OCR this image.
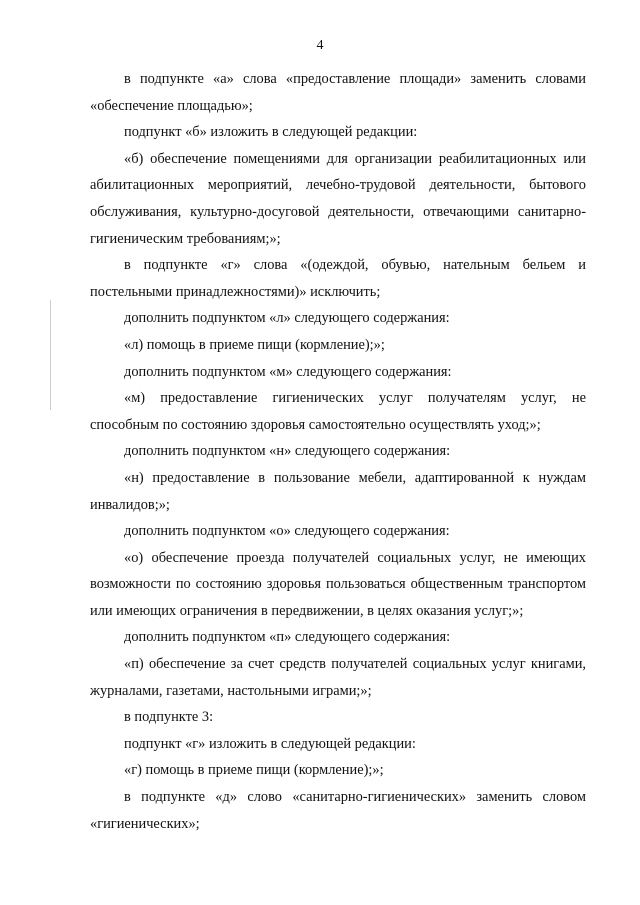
4

в подпункте «а» слова «предоставление площади» заменить словами «обеспечение площадью»;

подпункт «б» изложить в следующей редакции:

«б) обеспечение помещениями для организации реабилитационных или абилитационных мероприятий, лечебно-трудовой деятельности, бытового обслуживания, культурно-досуговой деятельности, отвечающими санитарно-гигиеническим требованиям;»;

в подпункте «г» слова «(одеждой, обувью, нательным бельем и постельными принадлежностями)» исключить;

дополнить подпунктом «л» следующего содержания:

«л) помощь в приеме пищи (кормление);»;

дополнить подпунктом «м» следующего содержания:

«м) предоставление гигиенических услуг получателям услуг, не способным по состоянию здоровья самостоятельно осуществлять уход;»;

дополнить подпунктом «н» следующего содержания:

«н) предоставление в пользование мебели, адаптированной к нуждам инвалидов;»;

дополнить подпунктом «о» следующего содержания:

«о) обеспечение проезда получателей социальных услуг, не имеющих возможности по состоянию здоровья пользоваться общественным транспортом или имеющих ограничения в передвижении, в целях оказания услуг;»;

дополнить подпунктом «п» следующего содержания:

«п) обеспечение за счет средств получателей социальных услуг книгами, журналами, газетами, настольными играми;»;

в подпункте 3:

подпункт «г» изложить в следующей редакции:

«г) помощь в приеме пищи (кормление);»;

в подпункте «д» слово «санитарно-гигиенических» заменить словом «гигиенических»;
